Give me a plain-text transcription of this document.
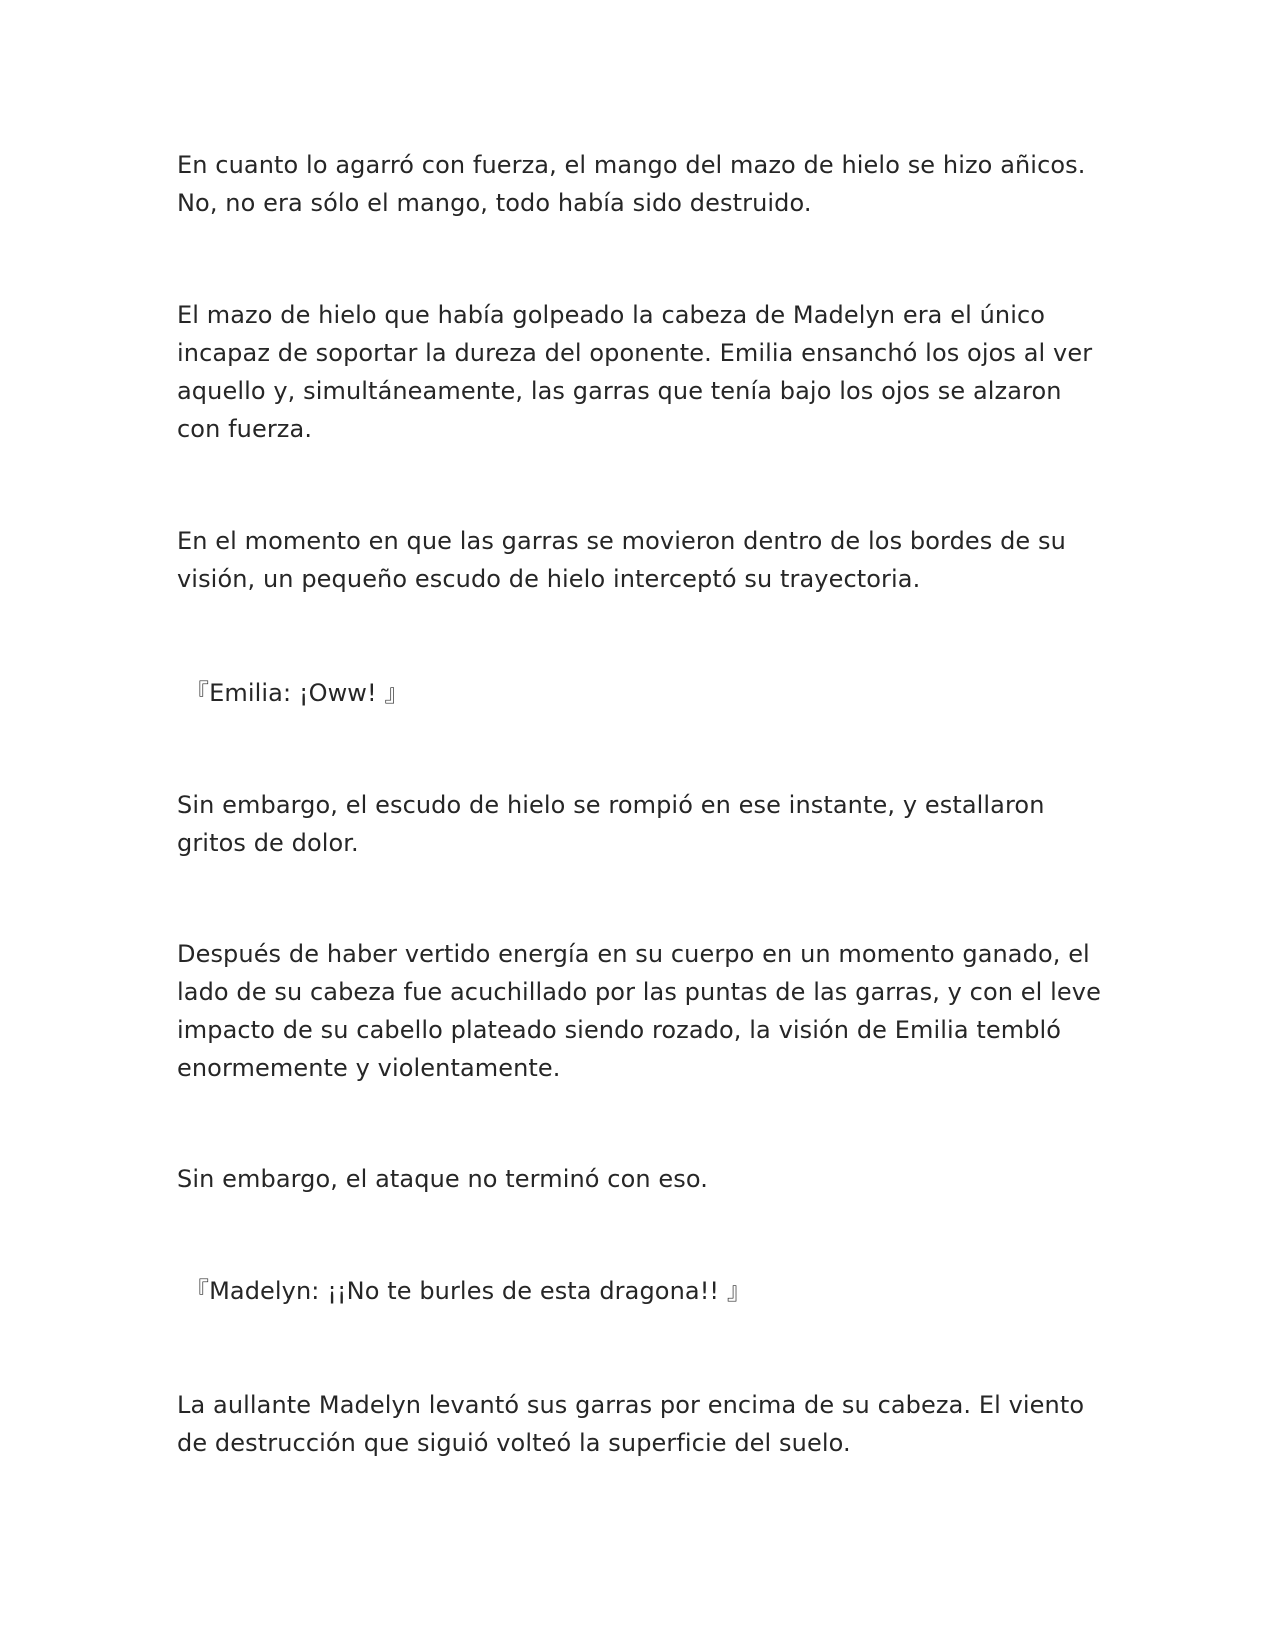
En cuanto lo agarró con fuerza, el mango del mazo de hielo se hizo añicos. No, no era sólo el mango, todo había sido destruido.

El mazo de hielo que había golpeado la cabeza de Madelyn era el único incapaz de soportar la dureza del oponente. Emilia ensanchó los ojos al ver aquello y, simultáneamente, las garras que tenía bajo los ojos se alzaron con fuerza.

En el momento en que las garras se movieron dentro de los bordes de su visión, un pequeño escudo de hielo interceptó su trayectoria.

『Emilia: ¡Oww! 』

Sin embargo, el escudo de hielo se rompió en ese instante, y estallaron gritos de dolor.

Después de haber vertido energía en su cuerpo en un momento ganado, el lado de su cabeza fue acuchillado por las puntas de las garras, y con el leve impacto de su cabello plateado siendo rozado, la visión de Emilia tembló enormemente y violentamente.

Sin embargo, el ataque no terminó con eso.

『Madelyn: ¡¡No te burles de esta dragona!! 』

La aullante Madelyn levantó sus garras por encima de su cabeza. El viento de destrucción que siguió volteó la superficie del suelo.
